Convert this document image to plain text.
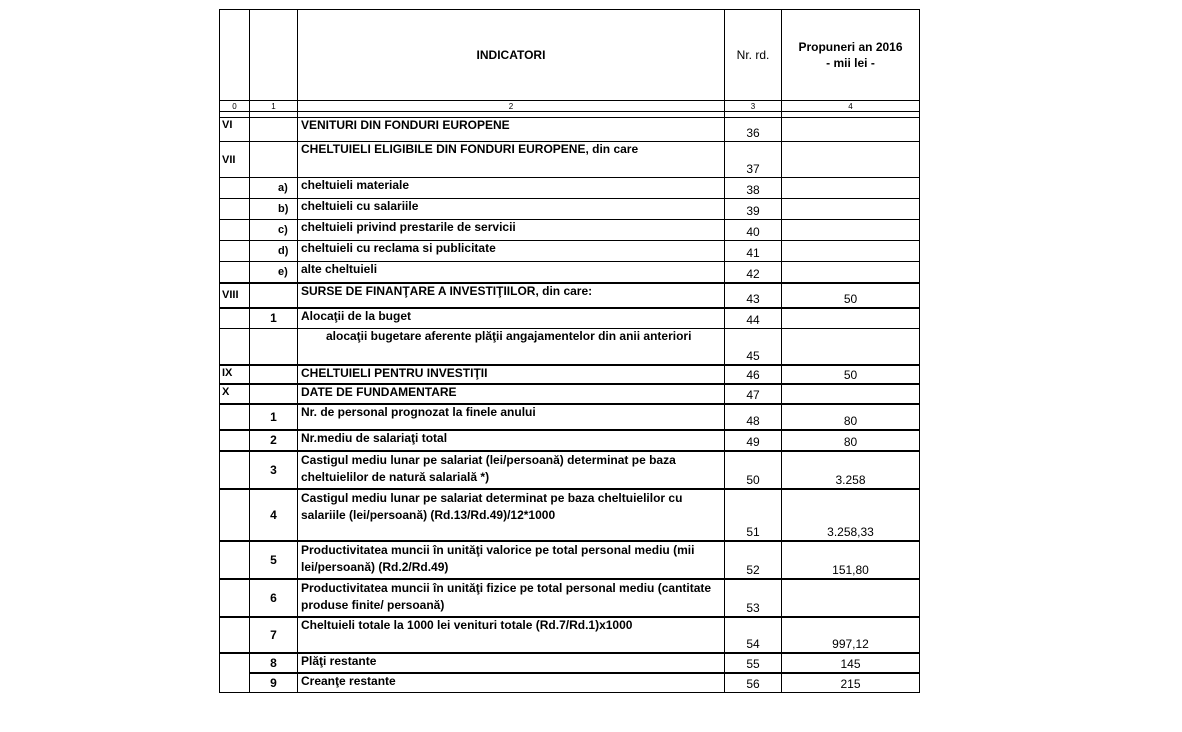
		INDICATORI	Nr. rd.	Propuneri an 2016
- mii lei -

0	1	2	3	4

VI		VENITURI DIN FONDURI EUROPENE	36	
VII		CHELTUIELI ELIGIBILE DIN FONDURI EUROPENE, din care	37	
	a)	cheltuieli materiale	38	
	b)	cheltuieli cu salariile	39	
	c)	cheltuieli privind prestarile de servicii	40	
	d)	cheltuieli cu reclama si publicitate	41	
	e)	alte cheltuieli	42	
VIII		SURSE DE FINANŢARE A INVESTIŢIILOR, din care:	43	50
	1	Alocaţii de la buget	44	
		alocaţii bugetare aferente plăţii angajamentelor din anii anteriori	45	
IX		CHELTUIELI PENTRU INVESTIŢII	46	50
X		DATE DE FUNDAMENTARE	47	
	1	Nr. de personal prognozat la finele anului	48	80
	2	Nr.mediu de salariaţi total	49	80
	3	Castigul mediu lunar pe salariat (lei/persoană) determinat pe baza cheltuielilor de natură salarială *)	50	3.258
	4	Castigul mediu lunar pe salariat determinat pe baza cheltuielilor cu salariile (lei/persoană) (Rd.13/Rd.49)/12*1000	51	3.258,33
	5	Productivitatea muncii în unităţi valorice pe total personal mediu (mii lei/persoană) (Rd.2/Rd.49)	52	151,80
	6	Productivitatea muncii în unităţi fizice pe total personal mediu (cantitate produse finite/ persoană)	53	
	7	Cheltuieli totale la 1000 lei venituri totale (Rd.7/Rd.1)x1000	54	997,12
	8	Plăţi restante	55	145
	9	Creanţe restante	56	215
